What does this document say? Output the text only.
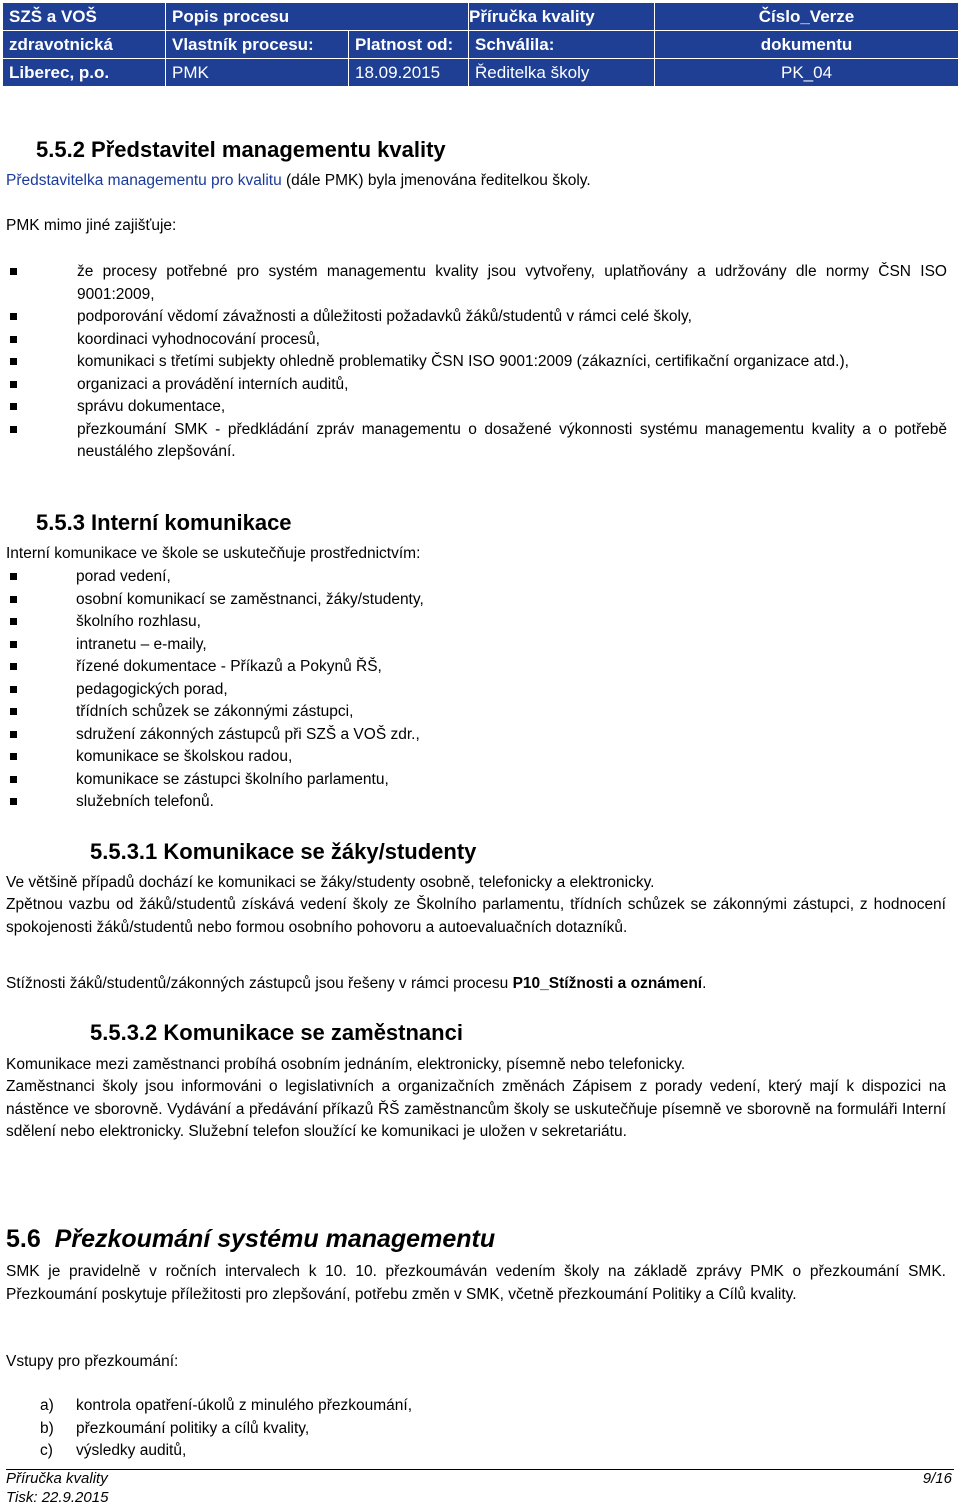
SZŠ a VOŠ	Popis procesu		Příručka kvality	Číslo_Verze
zdravotnická	Vlastník procesu:	Platnost od:	Schválila:	dokumentu
Liberec, p.o.	PMK	18.09.2015	Ředitelka školy	PK_04
5.5.2 Představitel managementu kvality
Představitelka managementu pro kvalitu (dále PMK) byla jmenována ředitelkou školy.
PMK mimo jiné zajišťuje:
že procesy potřebné pro systém managementu kvality jsou vytvořeny, uplatňovány a udržovány dle normy ČSN ISO 9001:2009,
podporování vědomí závažnosti a důležitosti požadavků žáků/studentů v rámci celé školy,
koordinaci vyhodnocování procesů,
komunikaci s třetími subjekty ohledně problematiky ČSN ISO 9001:2009 (zákazníci, certifikační organizace atd.),
organizaci a provádění interních auditů,
správu dokumentace,
přezkoumání SMK - předkládání zpráv managementu o dosažené výkonnosti systému managementu kvality a o potřebě neustálého zlepšování.
5.5.3 Interní komunikace
Interní komunikace ve škole se uskutečňuje prostřednictvím:
porad vedení,
osobní komunikací se zaměstnanci, žáky/studenty,
školního rozhlasu,
intranetu – e-maily,
řízené dokumentace - Příkazů a Pokynů ŘŠ,
pedagogických porad,
třídních schůzek se zákonnými zástupci,
sdružení zákonných zástupců při SZŠ a VOŠ zdr.,
komunikace se školskou radou,
komunikace se zástupci školního parlamentu,
služebních telefonů.
5.5.3.1 Komunikace se žáky/studenty
Ve většině případů dochází ke komunikaci se žáky/studenty osobně, telefonicky a elektronicky.
Zpětnou vazbu od žáků/studentů získává vedení školy ze Školního parlamentu, třídních schůzek se zákonnými zástupci, z hodnocení spokojenosti žáků/studentů nebo formou osobního pohovoru a autoevaluačních dotazníků.
Stížnosti žáků/studentů/zákonných zástupců jsou řešeny v rámci procesu P10_Stížnosti a oznámení.
5.5.3.2 Komunikace se zaměstnanci
Komunikace mezi zaměstnanci probíhá osobním jednáním, elektronicky, písemně nebo telefonicky.
Zaměstnanci školy jsou informováni o legislativních a organizačních změnách Zápisem z porady vedení, který mají k dispozici na nástěnce ve sborovně. Vydávání a předávání příkazů ŘŠ zaměstnancům školy se uskutečňuje písemně ve sborovně na formuláři Interní sdělení nebo elektronicky. Služební telefon sloužící ke komunikaci je uložen v sekretariátu.
5.6 Přezkoumání systému managementu
SMK je pravidelně v ročních intervalech k 10. 10. přezkoumáván vedením školy na základě zprávy PMK o přezkoumání SMK. Přezkoumání poskytuje příležitosti pro zlepšování, potřebu změn v SMK, včetně přezkoumání Politiky a Cílů kvality.
Vstupy pro přezkoumání:
a) kontrola opatření-úkolů z minulého přezkoumání,
b) přezkoumání politiky a cílů kvality,
c) výsledky auditů,
Příručka kvality	9/16
Tisk: 22.9.2015
